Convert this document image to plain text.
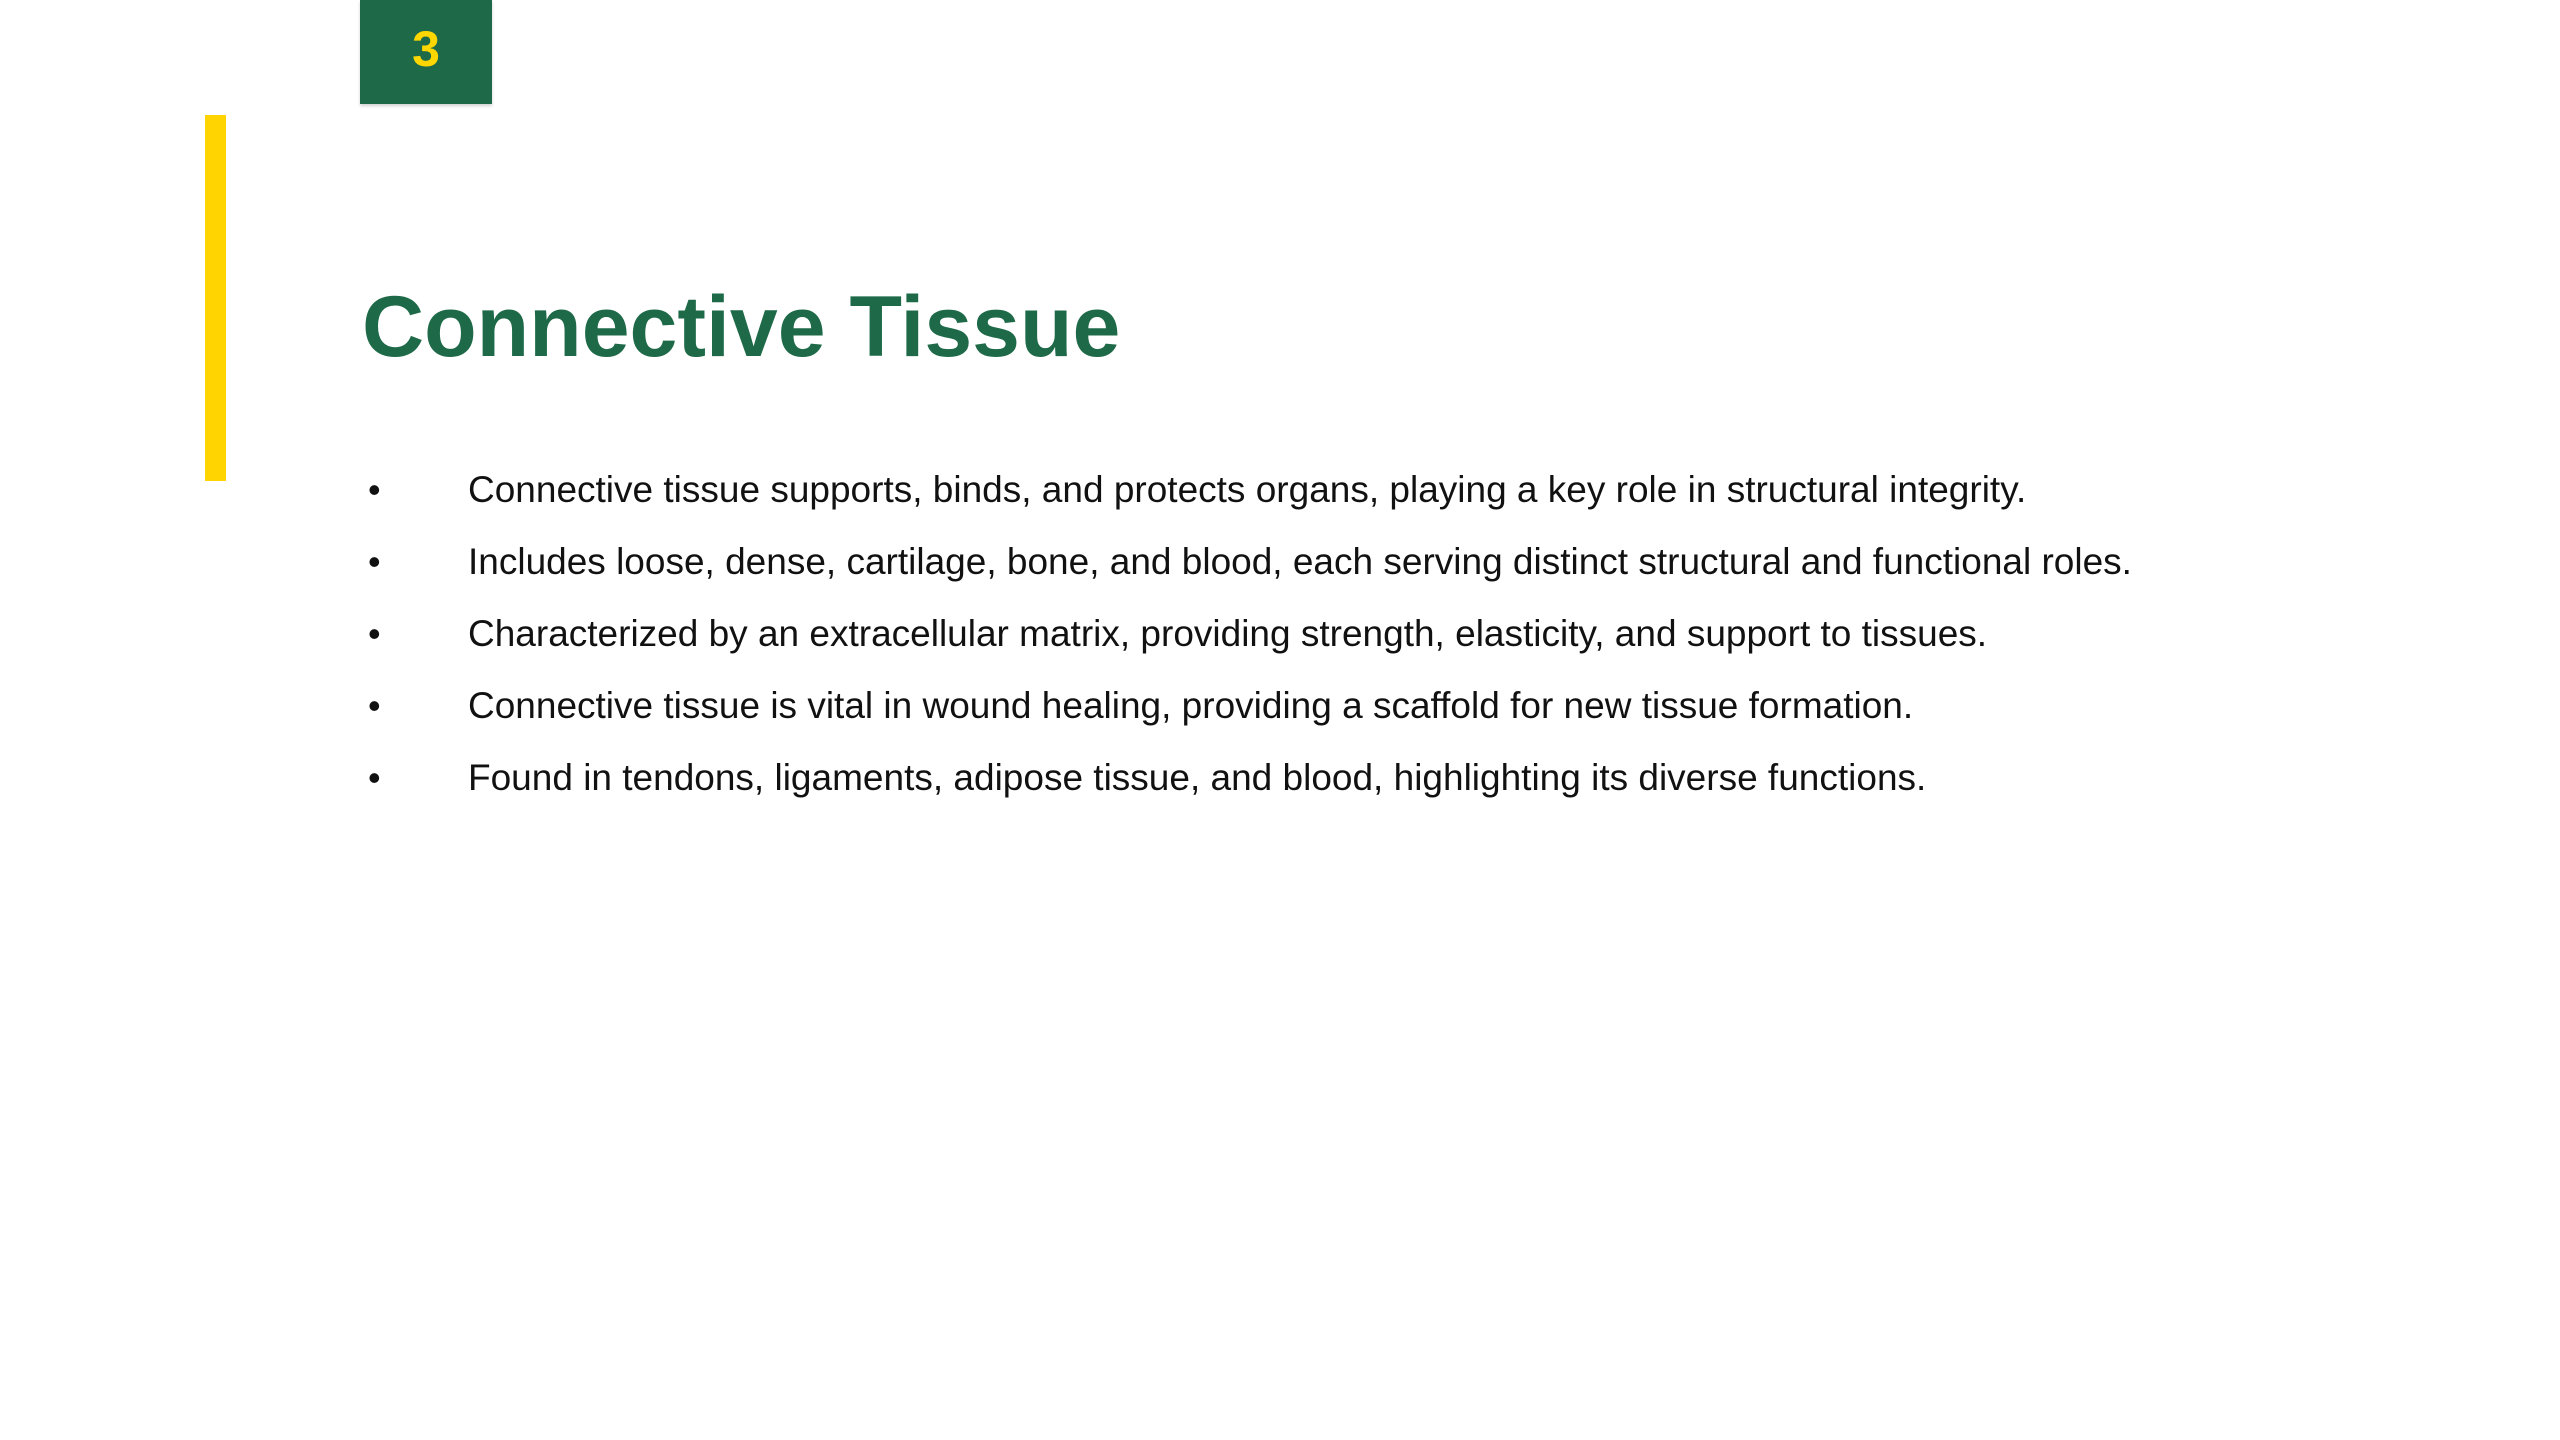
3
Connective Tissue
•	Connective tissue supports, binds, and protects organs, playing a key role in structural integrity.
•	Includes loose, dense, cartilage, bone, and blood, each serving distinct structural and functional roles.
•	Characterized by an extracellular matrix, providing strength, elasticity, and support to tissues.
•	Connective tissue is vital in wound healing, providing a scaffold for new tissue formation.
•	Found in tendons, ligaments, adipose tissue, and blood, highlighting its diverse functions.
